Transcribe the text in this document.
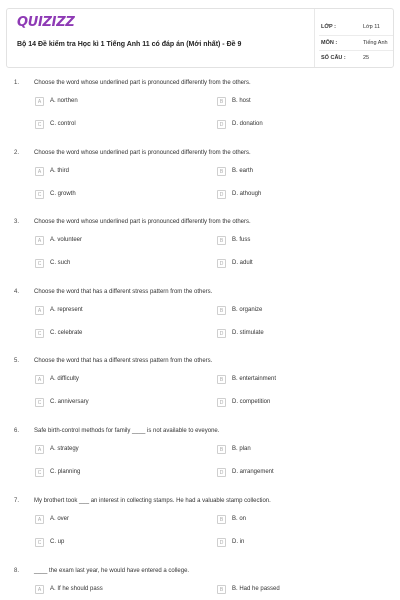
QUIZIZZ
Bộ 14 Đề kiểm tra Học kì 1 Tiếng Anh 11 có đáp án (Mới nhất) - Đề 9
LỚP :	Lớp 11
MÔN :	Tiếng Anh
SỐ CÂU :	25
1. Choose the word whose underlined part is pronounced differently from the others.
A	A. northen	B	B. host
C	C. control	D	D. donation
2. Choose the word whose underlined part is pronounced differently from the others.
A	A. third	B	B. earth
C	C. growth	D	D. athough
3. Choose the word whose underlined part is pronounced differently from the others.
A	A. volunteer	B	B. fuss
C	C. such	D	D. adult
4. Choose the word that has a different stress pattern from the others.
A	A. represent	B	B. organize
C	C. celebrate	D	D. stimulate
5. Choose the word that has a different stress pattern from the others.
A	A. difficulty	B	B. entertainment
C	C. anniversary	D	D. competition
6. Safe birth-control methods for family ____ is not available to eveyone.
A	A. strategy	B	B. plan
C	C. planning	D	D. arrangement
7. My brothert took ___ an interest in collecting stamps. He had a valuable stamp collection.
A	A. over	B	B. on
C	C. up	D	D. in
8. ____ the exam last year, he would have entered a college.
A	A. If he should pass	B	B. Had he passed
